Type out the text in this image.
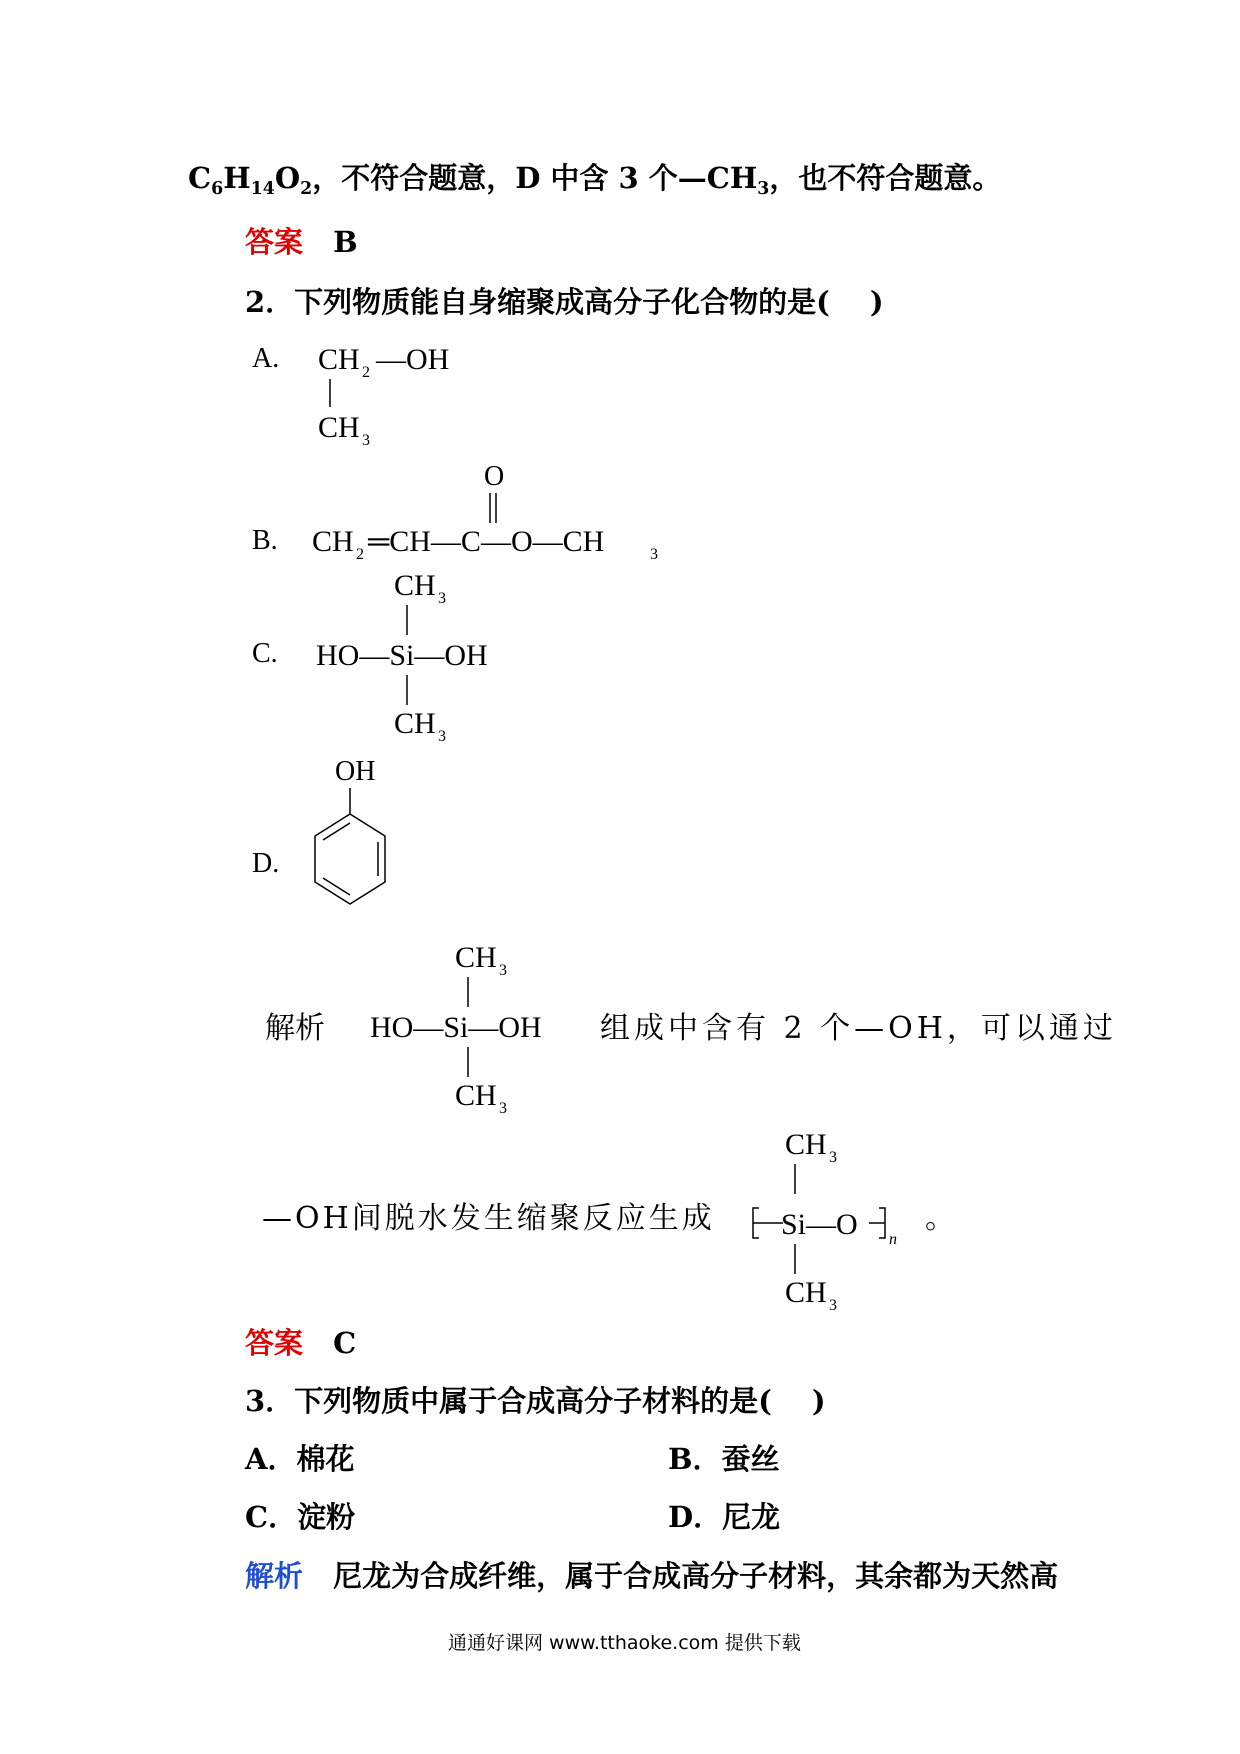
$C_6H_{14}O_2$，不符合题意，D 中含 3 个$—CH_3$，也不符合题意。
答案 B
2．下列物质能自身缩聚成高分子化合物的是( )
A. CH 2 —OH
CH 3
B.
O
CH 2 ═CH—C—O—CH	3
C.
CH 3
HO—Si—OH
CH 3
D.
OH
解析
CH 3
HO—Si—OH
CH 3
组成中含有 2 个—OH，可以通过
—OH间脱水发生缩聚反应生成
CH 3
Si—O n
CH 3
。
答案 C
3．下列物质中属于合成高分子材料的是( )
A．棉花	B．蚕丝
C．淀粉	D．尼龙
解析 尼龙为合成纤维，属于合成高分子材料，其余都为天然高
通通好课网 www.tthaoke.com 提供下载
